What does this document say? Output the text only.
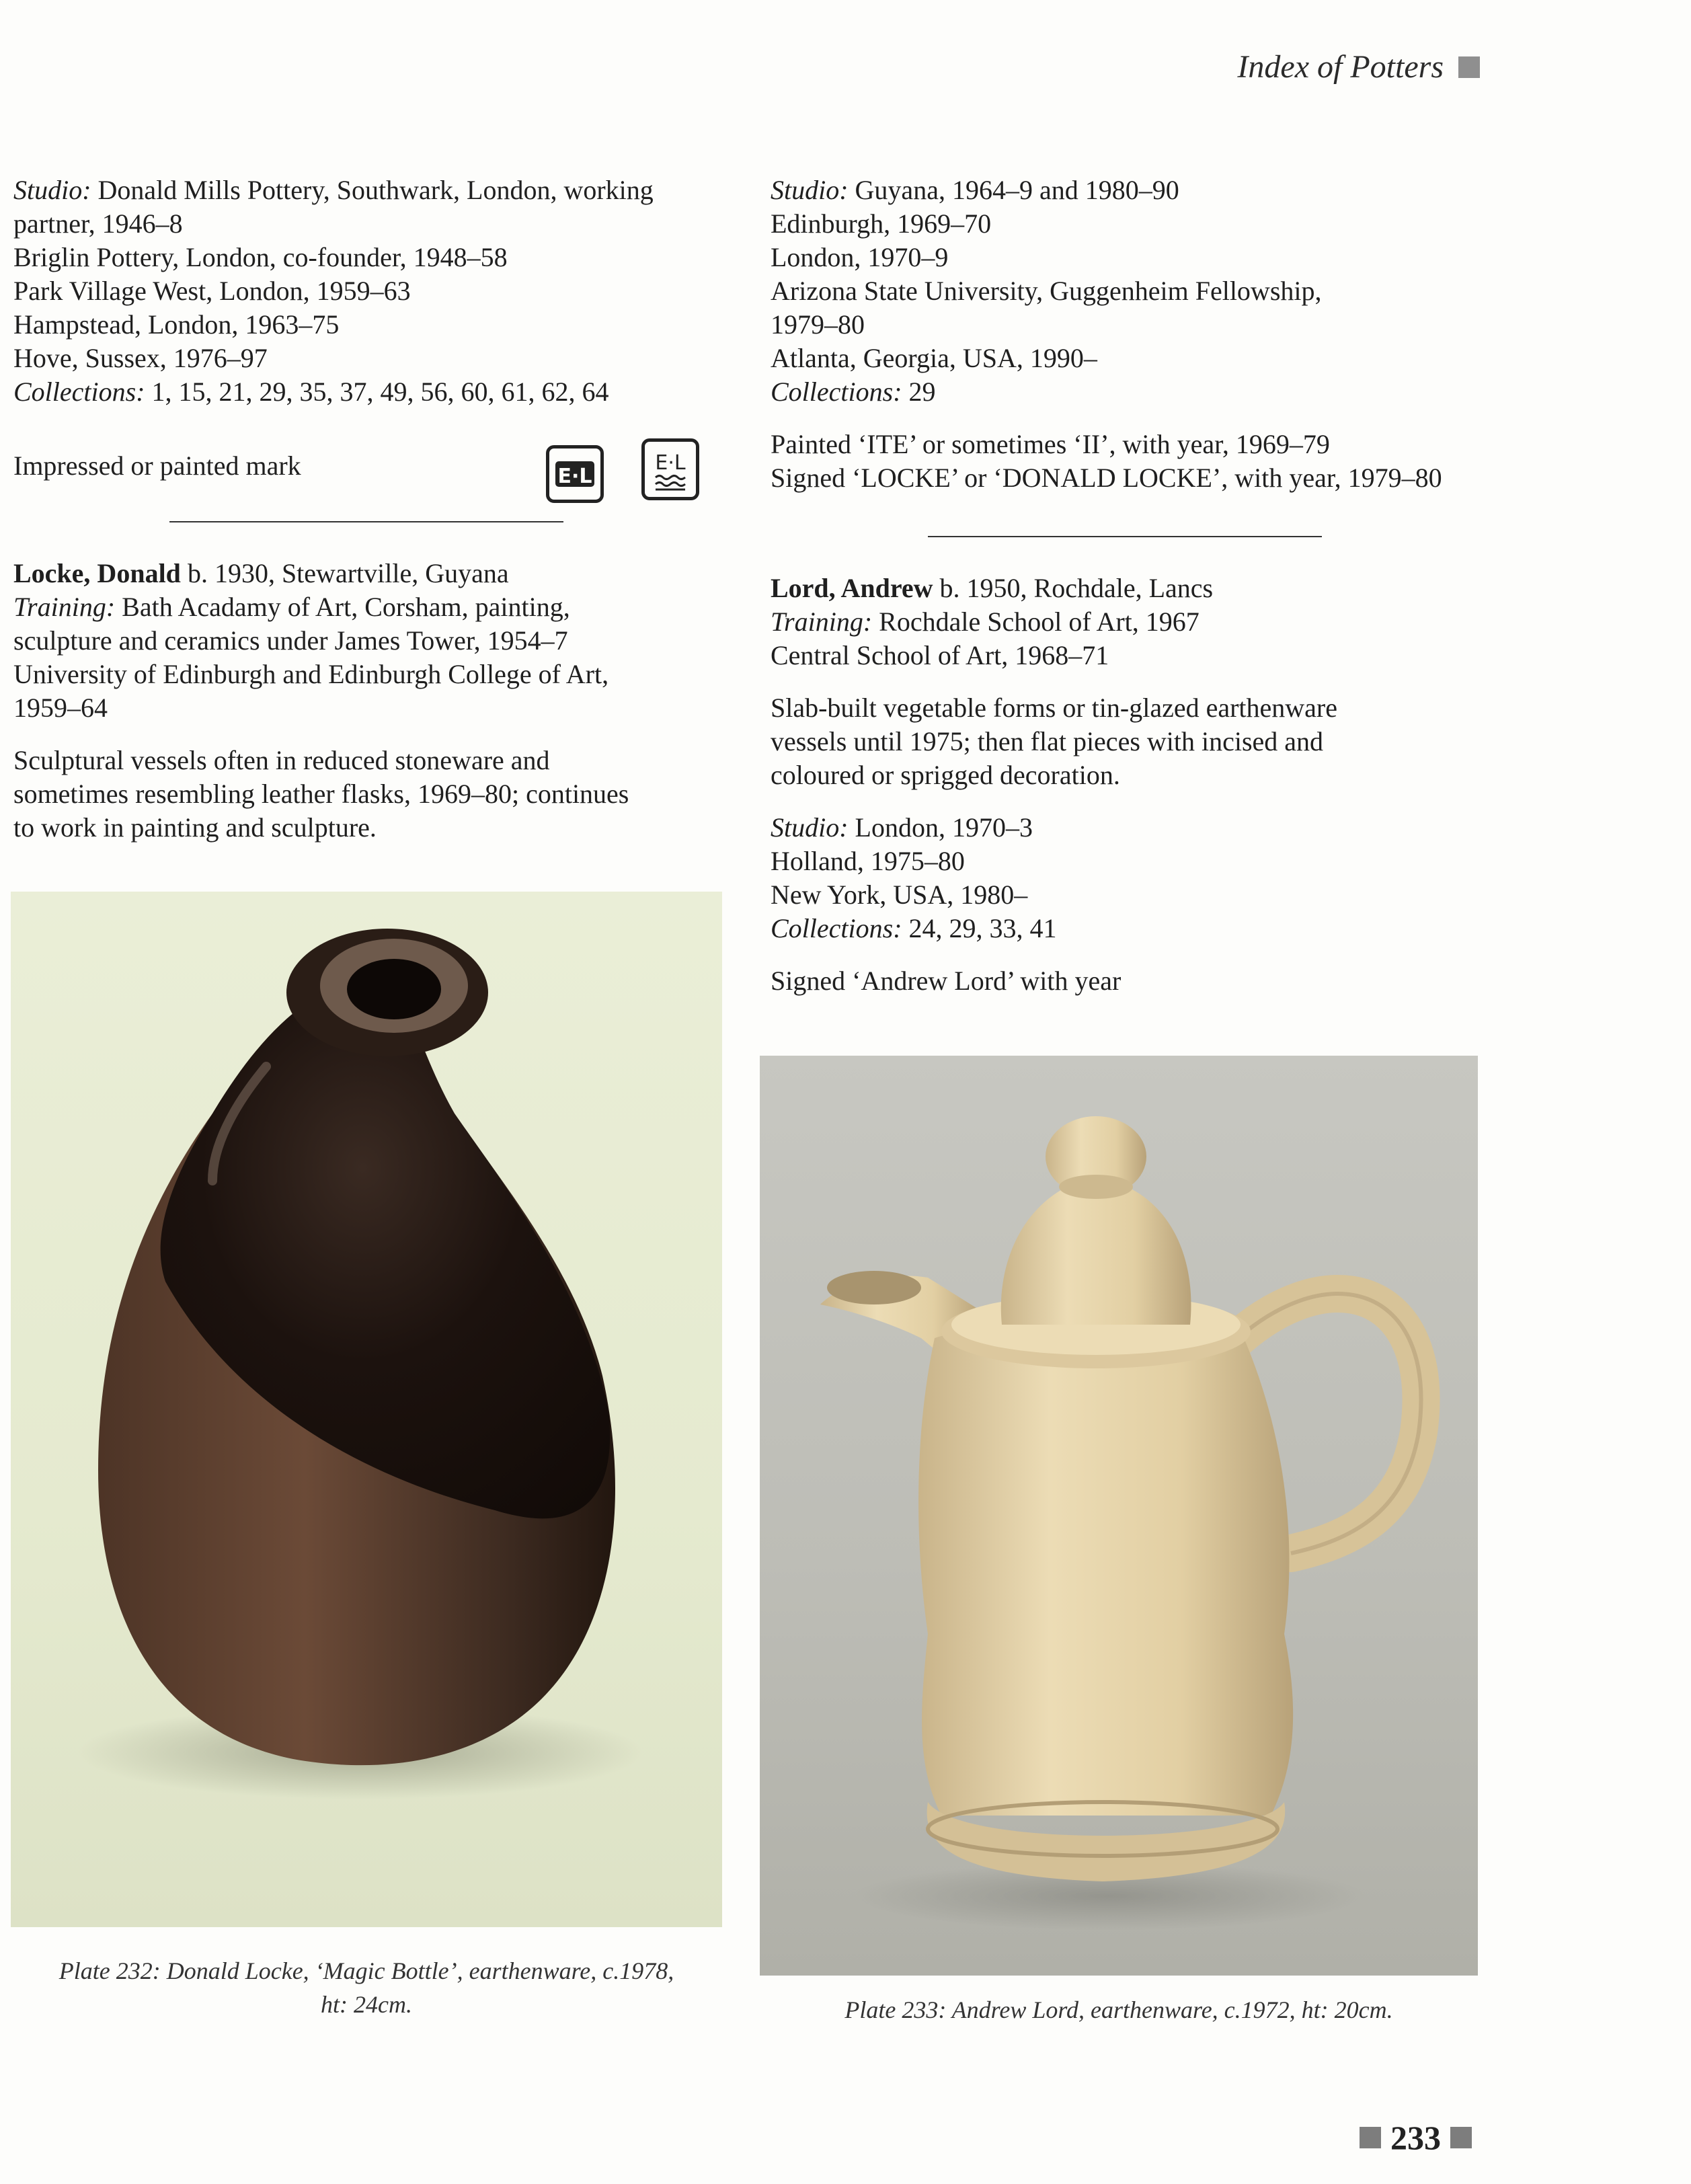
Index of Potters

Studio: Donald Mills Pottery, Southwark, London, working

partner, 1946–8

Briglin Pottery, London, co-founder, 1948–58

Park Village West, London, 1959–63

Hampstead, London, 1963–75

Hove, Sussex, 1976–97

Collections: 1, 15, 21, 29, 35, 37, 49, 56, 60, 61, 62, 64

Impressed or painted mark	E·L
E·L

Locke, Donald b. 1930, Stewartville, Guyana

Training: Bath Acadamy of Art, Corsham, painting,

sculpture and ceramics under James Tower, 1954–7

University of Edinburgh and Edinburgh College of Art,

1959–64

Sculptural vessels often in reduced stoneware and

sometimes resembling leather flasks, 1969–80; continues

to work in painting and sculpture.

Plate 232: Donald Locke, ‘Magic Bottle’, earthenware, c.1978,
ht: 24cm.

Studio: Guyana, 1964–9 and 1980–90

Edinburgh, 1969–70

London, 1970–9

Arizona State University, Guggenheim Fellowship,

1979–80

Atlanta, Georgia, USA, 1990–

Collections: 29

Painted ‘ITE’ or sometimes ‘II’, with year, 1969–79

Signed ‘LOCKE’ or ‘DONALD LOCKE’, with year, 1979–80

Lord, Andrew b. 1950, Rochdale, Lancs

Training: Rochdale School of Art, 1967

Central School of Art, 1968–71

Slab-built vegetable forms or tin-glazed earthenware

vessels until 1975; then flat pieces with incised and

coloured or sprigged decoration.

Studio: London, 1970–3

Holland, 1975–80

New York, USA, 1980–

Collections: 24, 29, 33, 41

Signed ‘Andrew Lord’ with year

Plate 233: Andrew Lord, earthenware, c.1972, ht: 20cm.
233
